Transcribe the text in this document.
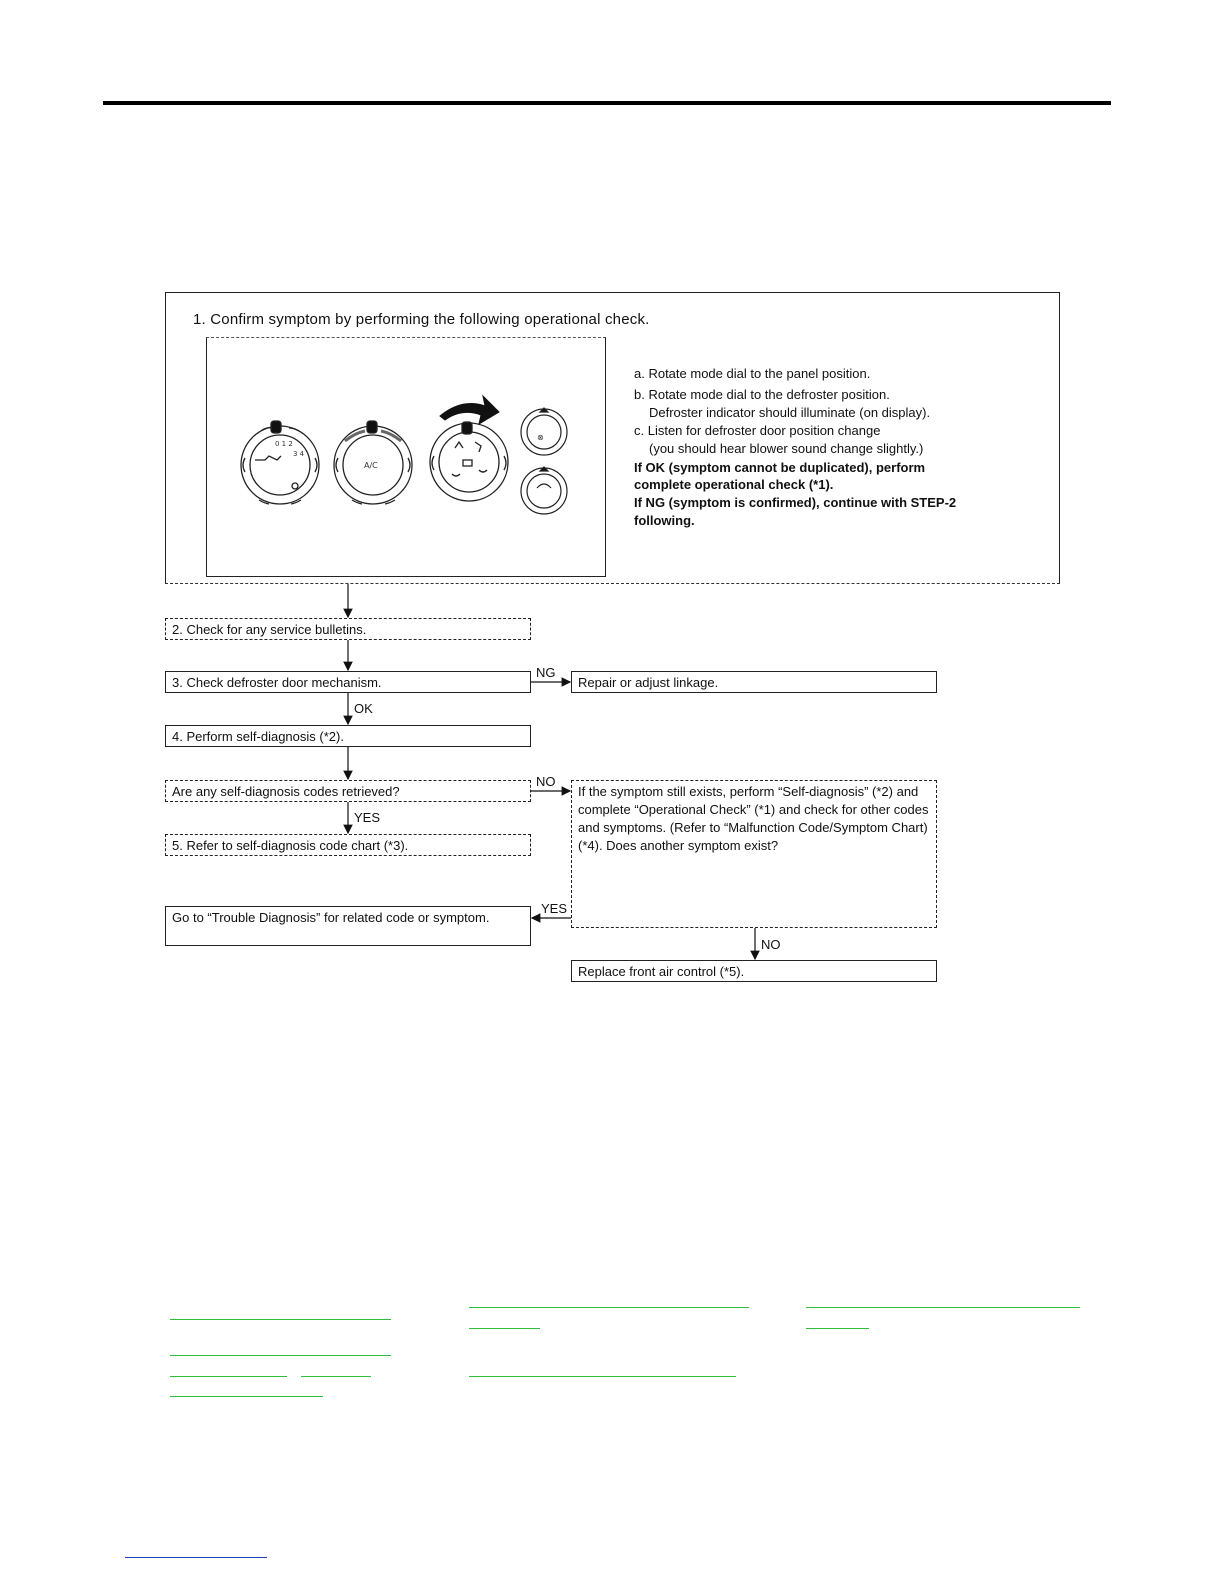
1. Confirm symptom by performing the following operational check.
0 1 2
3 4
A/C
⊗
a. Rotate mode dial to the panel position.
b. Rotate mode dial to the defroster position.
Defroster indicator should illuminate (on display).
c. Listen for defroster door position change
(you should hear blower sound change slightly.)
If OK (symptom cannot be duplicated), perform
complete operational check (*1).
If NG (symptom is confirmed), continue with STEP-2
following.
2. Check for any service bulletins.
3. Check defroster door mechanism.	Repair or adjust linkage.
4. Perform self-diagnosis (*2).
Are any self-diagnosis codes retrieved?
5. Refer to self-diagnosis code chart (*3).
If the symptom still exists, perform “Self-diagnosis” (*2) and complete “Operational Check” (*1) and check for other codes and symptoms. (Refer to “Malfunction Code/Symptom Chart) (*4). Does another symptom exist?
Go to “Trouble Diagnosis” for related code or symptom.
Replace front air control (*5).
NG
OK
NO
YES
YES
NO
